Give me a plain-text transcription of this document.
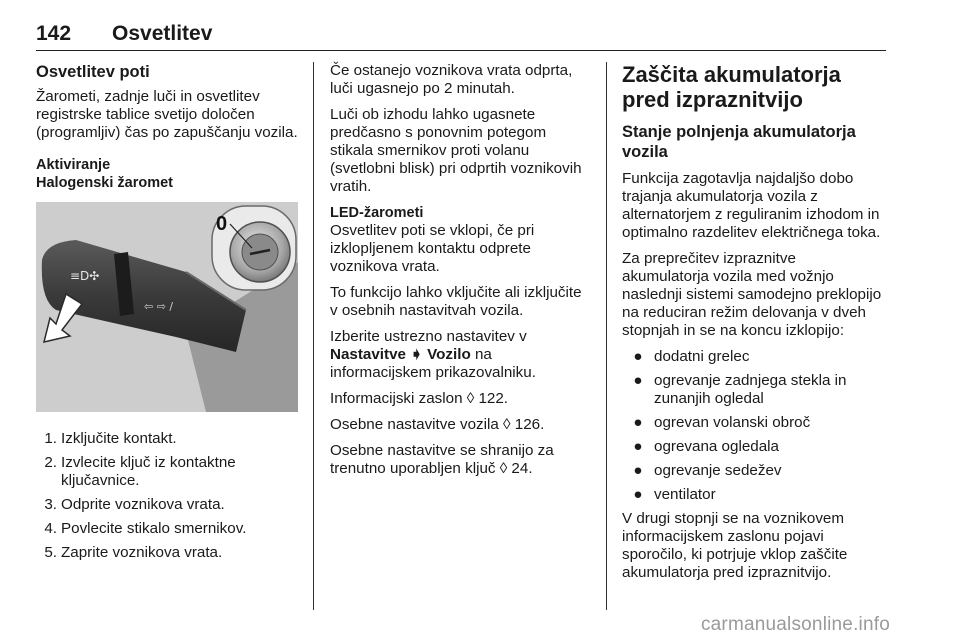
142 Osvetlitev
Osvetlitev poti

Žarometi, zadnje luči in osvetlitev registrske tablice svetijo določen (programljiv) čas po zapuščanju vozila.

Aktiviranje
Halogenski žaromet
≡D✣
⇦ ⇨ /
0
1. Izključite kontakt.
2. Izvlecite ključ iz kontaktne ključavnice.
3. Odprite voznikova vrata.
4. Povlecite stikalo smernikov.
5. Zaprite voznikova vrata.

Če ostanejo voznikova vrata odprta, luči ugasnejo po 2 minutah.

Luči ob izhodu lahko ugasnete predčasno s ponovnim potegom stikala smernikov proti volanu (svetlobni blisk) pri odprtih voznikovih vratih.

LED-žarometi

Osvetlitev poti se vklopi, če pri izklopljenem kontaktu odprete voznikova vrata.

To funkcijo lahko vključite ali izključite v osebnih nastavitvah vozila.

Izberite ustrezno nastavitev v
Nastavitve ➧ Vozilo na informacijskem prikazovalniku.

Informacijski zaslon ◊ 122.

Osebne nastavitve vozila ◊ 126.

Osebne nastavitve se shranijo za trenutno uporabljen ključ ◊ 24.

Zaščita akumulatorja pred izpraznitvijo
Stanje polnjenja akumulatorja vozila

Funkcija zagotavlja najdaljšo dobo trajanja akumulatorja vozila z alternatorjem z reguliranim izhodom in optimalno razdelitev električnega toka.

Za preprečitev izpraznitve akumulatorja vozila med vožnjo naslednji sistemi samodejno preklopijo na reduciran režim delovanja v dveh stopnjah in se na koncu izklopijo:

● dodatni grelec
● ogrevanje zadnjega stekla in zunanjih ogledal
● ogrevan volanski obroč
● ogrevana ogledala
● ogrevanje sedežev
● ventilator

V drugi stopnji se na voznikovem informacijskem zaslonu pojavi sporočilo, ki potrjuje vklop zaščite akumulatorja pred izpraznitvijo.

carmanualsonline.info
